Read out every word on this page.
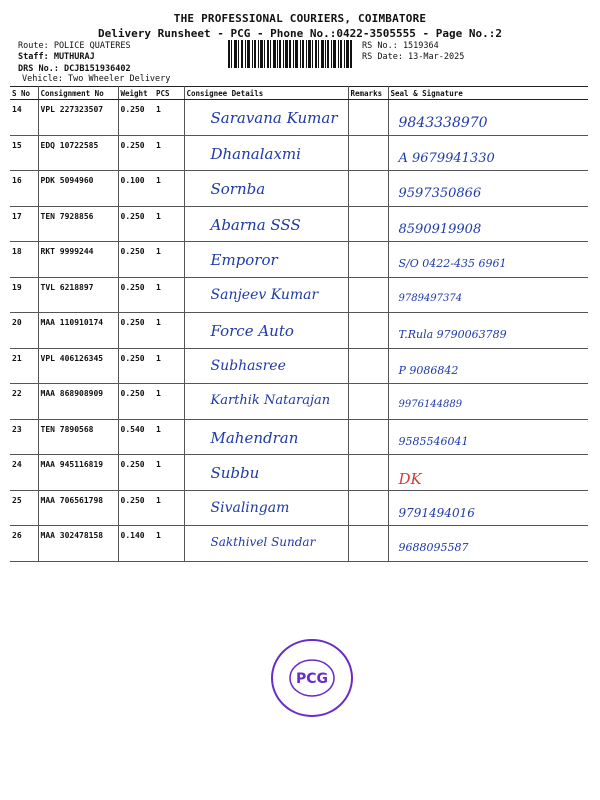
THE PROFESSIONAL COURIERS, COIMBATORE
Delivery Runsheet - PCG - Phone No.:0422-3505555 - Page No.:2
Route: POLICE QUATERES
Staff: MUTHURAJ
DRS No.: DCJB151936402
Vehicle: Two Wheeler Delivery
RS No.: 1519364
RS Date: 13-Mar-2025
S No	Consignment No	Weight	PCS	Consignee Details	Remarks	Seal & Signature
14	VPL 227323507	0.250	1	Saravana Kumar		9843338970
15	EDQ 10722585	0.250	1	Dhanalaxmi		A 9679941330
16	PDK 5094960	0.100	1	Sornba		9597350866
17	TEN 7928856	0.250	1	Abarna SSS		8590919908
18	RKT 9999244	0.250	1	Emporor		S/O 0422-435 6961
19	TVL 6218897	0.250	1	Sanjeev Kumar		9789497374
20	MAA 110910174	0.250	1	Force Auto		T.Rula 9790063789
21	VPL 406126345	0.250	1	Subhasree		P 9086842
22	MAA 868908909	0.250	1	Karthik Natarajan		9976144889
23	TEN 7890568	0.540	1	Mahendran		9585546041
24	MAA 945116819	0.250	1	Subbu		DK
25	MAA 706561798	0.250	1	Sivalingam		9791494016
26	MAA 302478158	0.140	1	Sakthivel Sundar		9688095587
PCG
